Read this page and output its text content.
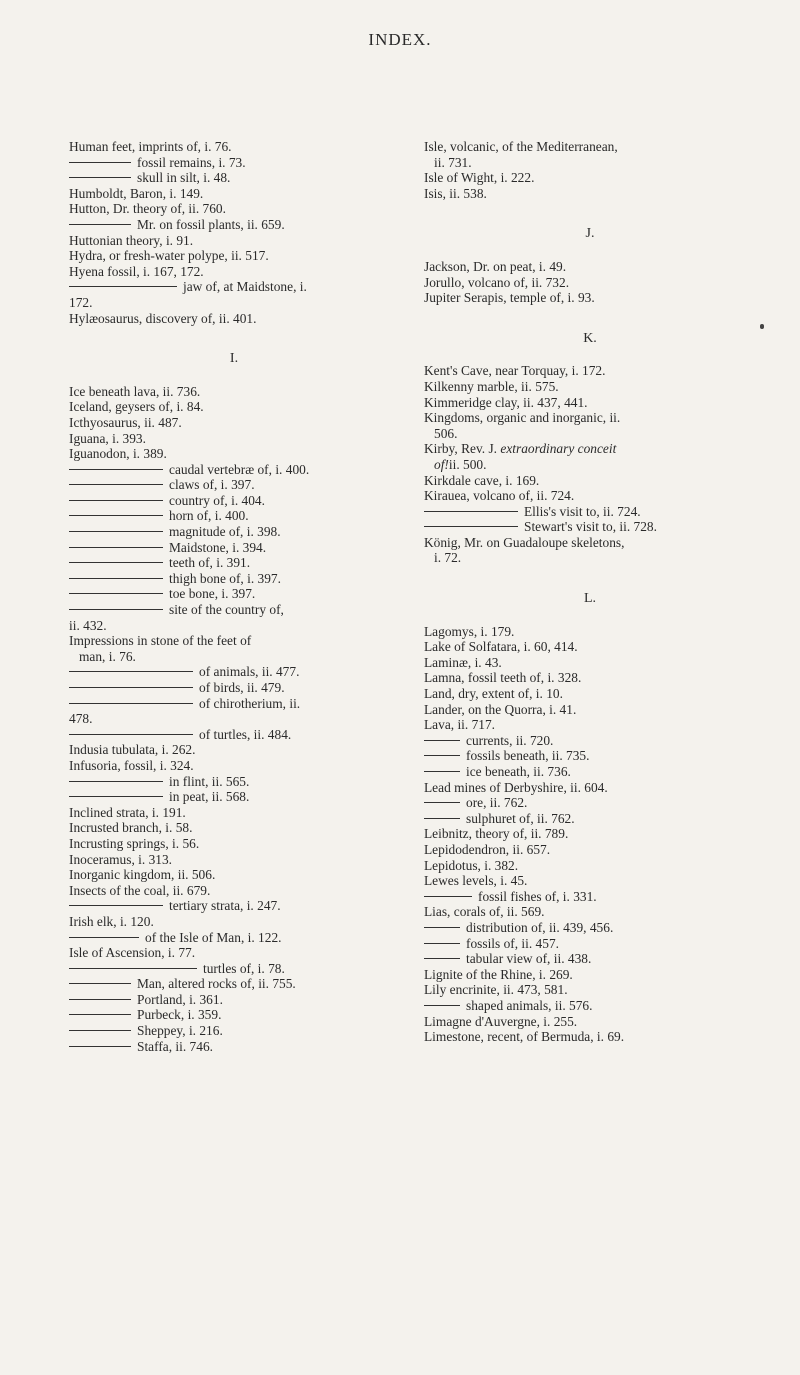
INDEX.
Human feet, imprints of, i. 76.
fossil remains, i. 73.
skull in silt, i. 48.
Humboldt, Baron, i. 149.
Hutton, Dr. theory of, ii. 760.
Mr. on fossil plants, ii. 659.
Huttonian theory, i. 91.
Hydra, or fresh-water polype, ii. 517.
Hyena fossil, i. 167, 172.
jaw of, at Maidstone, i.
172.
Hylæosaurus, discovery of, ii. 401.
I.
Ice beneath lava, ii. 736.
Iceland, geysers of, i. 84.
Icthyosaurus, ii. 487.
Iguana, i. 393.
Iguanodon, i. 389.
caudal vertebræ of, i. 400.
claws of, i. 397.
country of, i. 404.
horn of, i. 400.
magnitude of, i. 398.
Maidstone, i. 394.
teeth of, i. 391.
thigh bone of, i. 397.
toe bone, i. 397.
site of the country of,
ii. 432.
Impressions in stone of the feet of
man, i. 76.
of animals, ii. 477.
of birds, ii. 479.
of chirotherium, ii.
478.
of turtles, ii. 484.
Indusia tubulata, i. 262.
Infusoria, fossil, i. 324.
in flint, ii. 565.
in peat, ii. 568.
Inclined strata, i. 191.
Incrusted branch, i. 58.
Incrusting springs, i. 56.
Inoceramus, i. 313.
Inorganic kingdom, ii. 506.
Insects of the coal, ii. 679.
tertiary strata, i. 247.
Irish elk, i. 120.
of the Isle of Man, i. 122.
Isle of Ascension, i. 77.
turtles of, i. 78.
Man, altered rocks of, ii. 755.
Portland, i. 361.
Purbeck, i. 359.
Sheppey, i. 216.
Staffa, ii. 746.
Isle, volcanic, of the Mediterranean,
ii. 731.
Isle of Wight, i. 222.
Isis, ii. 538.
J.
Jackson, Dr. on peat, i. 49.
Jorullo, volcano of, ii. 732.
Jupiter Serapis, temple of, i. 93.
K.
Kent's Cave, near Torquay, i. 172.
Kilkenny marble, ii. 575.
Kimmeridge clay, ii. 437, 441.
Kingdoms, organic and inorganic, ii.
506.
Kirby, Rev. J.
extraordinary conceit
of! ii. 500.
Kirkdale cave, i. 169.
Kirauea, volcano of, ii. 724.
Ellis's visit to, ii. 724.
Stewart's visit to, ii. 728.
König, Mr. on Guadaloupe skeletons,
i. 72.
L.
Lagomys, i. 179.
Lake of Solfatara, i. 60, 414.
Laminæ, i. 43.
Lamna, fossil teeth of, i. 328.
Land, dry, extent of, i. 10.
Lander, on the Quorra, i. 41.
Lava, ii. 717.
currents, ii. 720.
fossils beneath, ii. 735.
ice beneath, ii. 736.
Lead mines of Derbyshire, ii. 604.
ore, ii. 762.
sulphuret of, ii. 762.
Leibnitz, theory of, ii. 789.
Lepidodendron, ii. 657.
Lepidotus, i. 382.
Lewes levels, i. 45.
fossil fishes of, i. 331.
Lias, corals of, ii. 569.
distribution of, ii. 439, 456.
fossils of, ii. 457.
tabular view of, ii. 438.
Lignite of the Rhine, i. 269.
Lily encrinite, ii. 473, 581.
shaped animals, ii. 576.
Limagne d'Auvergne, i. 255.
Limestone, recent, of Bermuda, i. 69.
